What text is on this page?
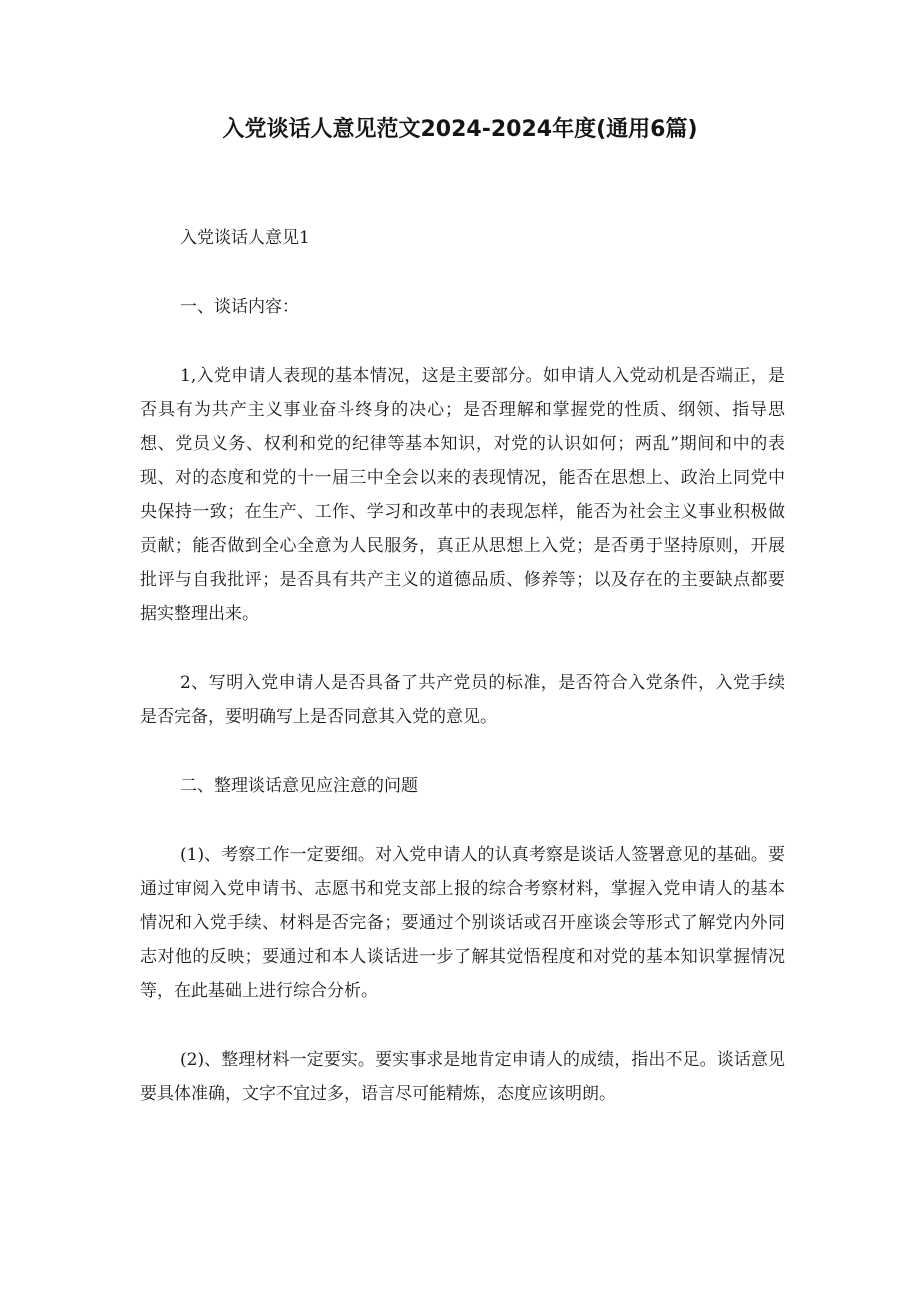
入党谈话人意见范文2024-2024年度(通用6篇)

入党谈话人意见1

一、谈话内容：

1,入党申请人表现的基本情况，这是主要部分。如申请人入党动机是否端正，是否具有为共产主义事业奋斗终身的决心；是否理解和掌握党的性质、纲领、指导思想、党员义务、权利和党的纪律等基本知识，对党的认识如何；两乱”期间和中的表现、对的态度和党的十一届三中全会以来的表现情况，能否在思想上、政治上同党中央保持一致；在生产、工作、学习和改革中的表现怎样，能否为社会主义事业积极做贡献；能否做到全心全意为人民服务，真正从思想上入党；是否勇于坚持原则，开展批评与自我批评；是否具有共产主义的道德品质、修养等；以及存在的主要缺点都要据实整理出来。

2、写明入党申请人是否具备了共产党员的标准，是否符合入党条件，入党手续是否完备，要明确写上是否同意其入党的意见。

二、整理谈话意见应注意的问题

(1)、考察工作一定要细。对入党申请人的认真考察是谈话人签署意见的基础。要通过审阅入党申请书、志愿书和党支部上报的综合考察材料，掌握入党申请人的基本情况和入党手续、材料是否完备；要通过个别谈话或召开座谈会等形式了解党内外同志对他的反映；要通过和本人谈话进一步了解其觉悟程度和对党的基本知识掌握情况等，在此基础上进行综合分析。

(2)、整理材料一定要实。要实事求是地肯定申请人的成绩，指出不足。谈话意见要具体准确，文字不宜过多，语言尽可能精炼，态度应该明朗。
